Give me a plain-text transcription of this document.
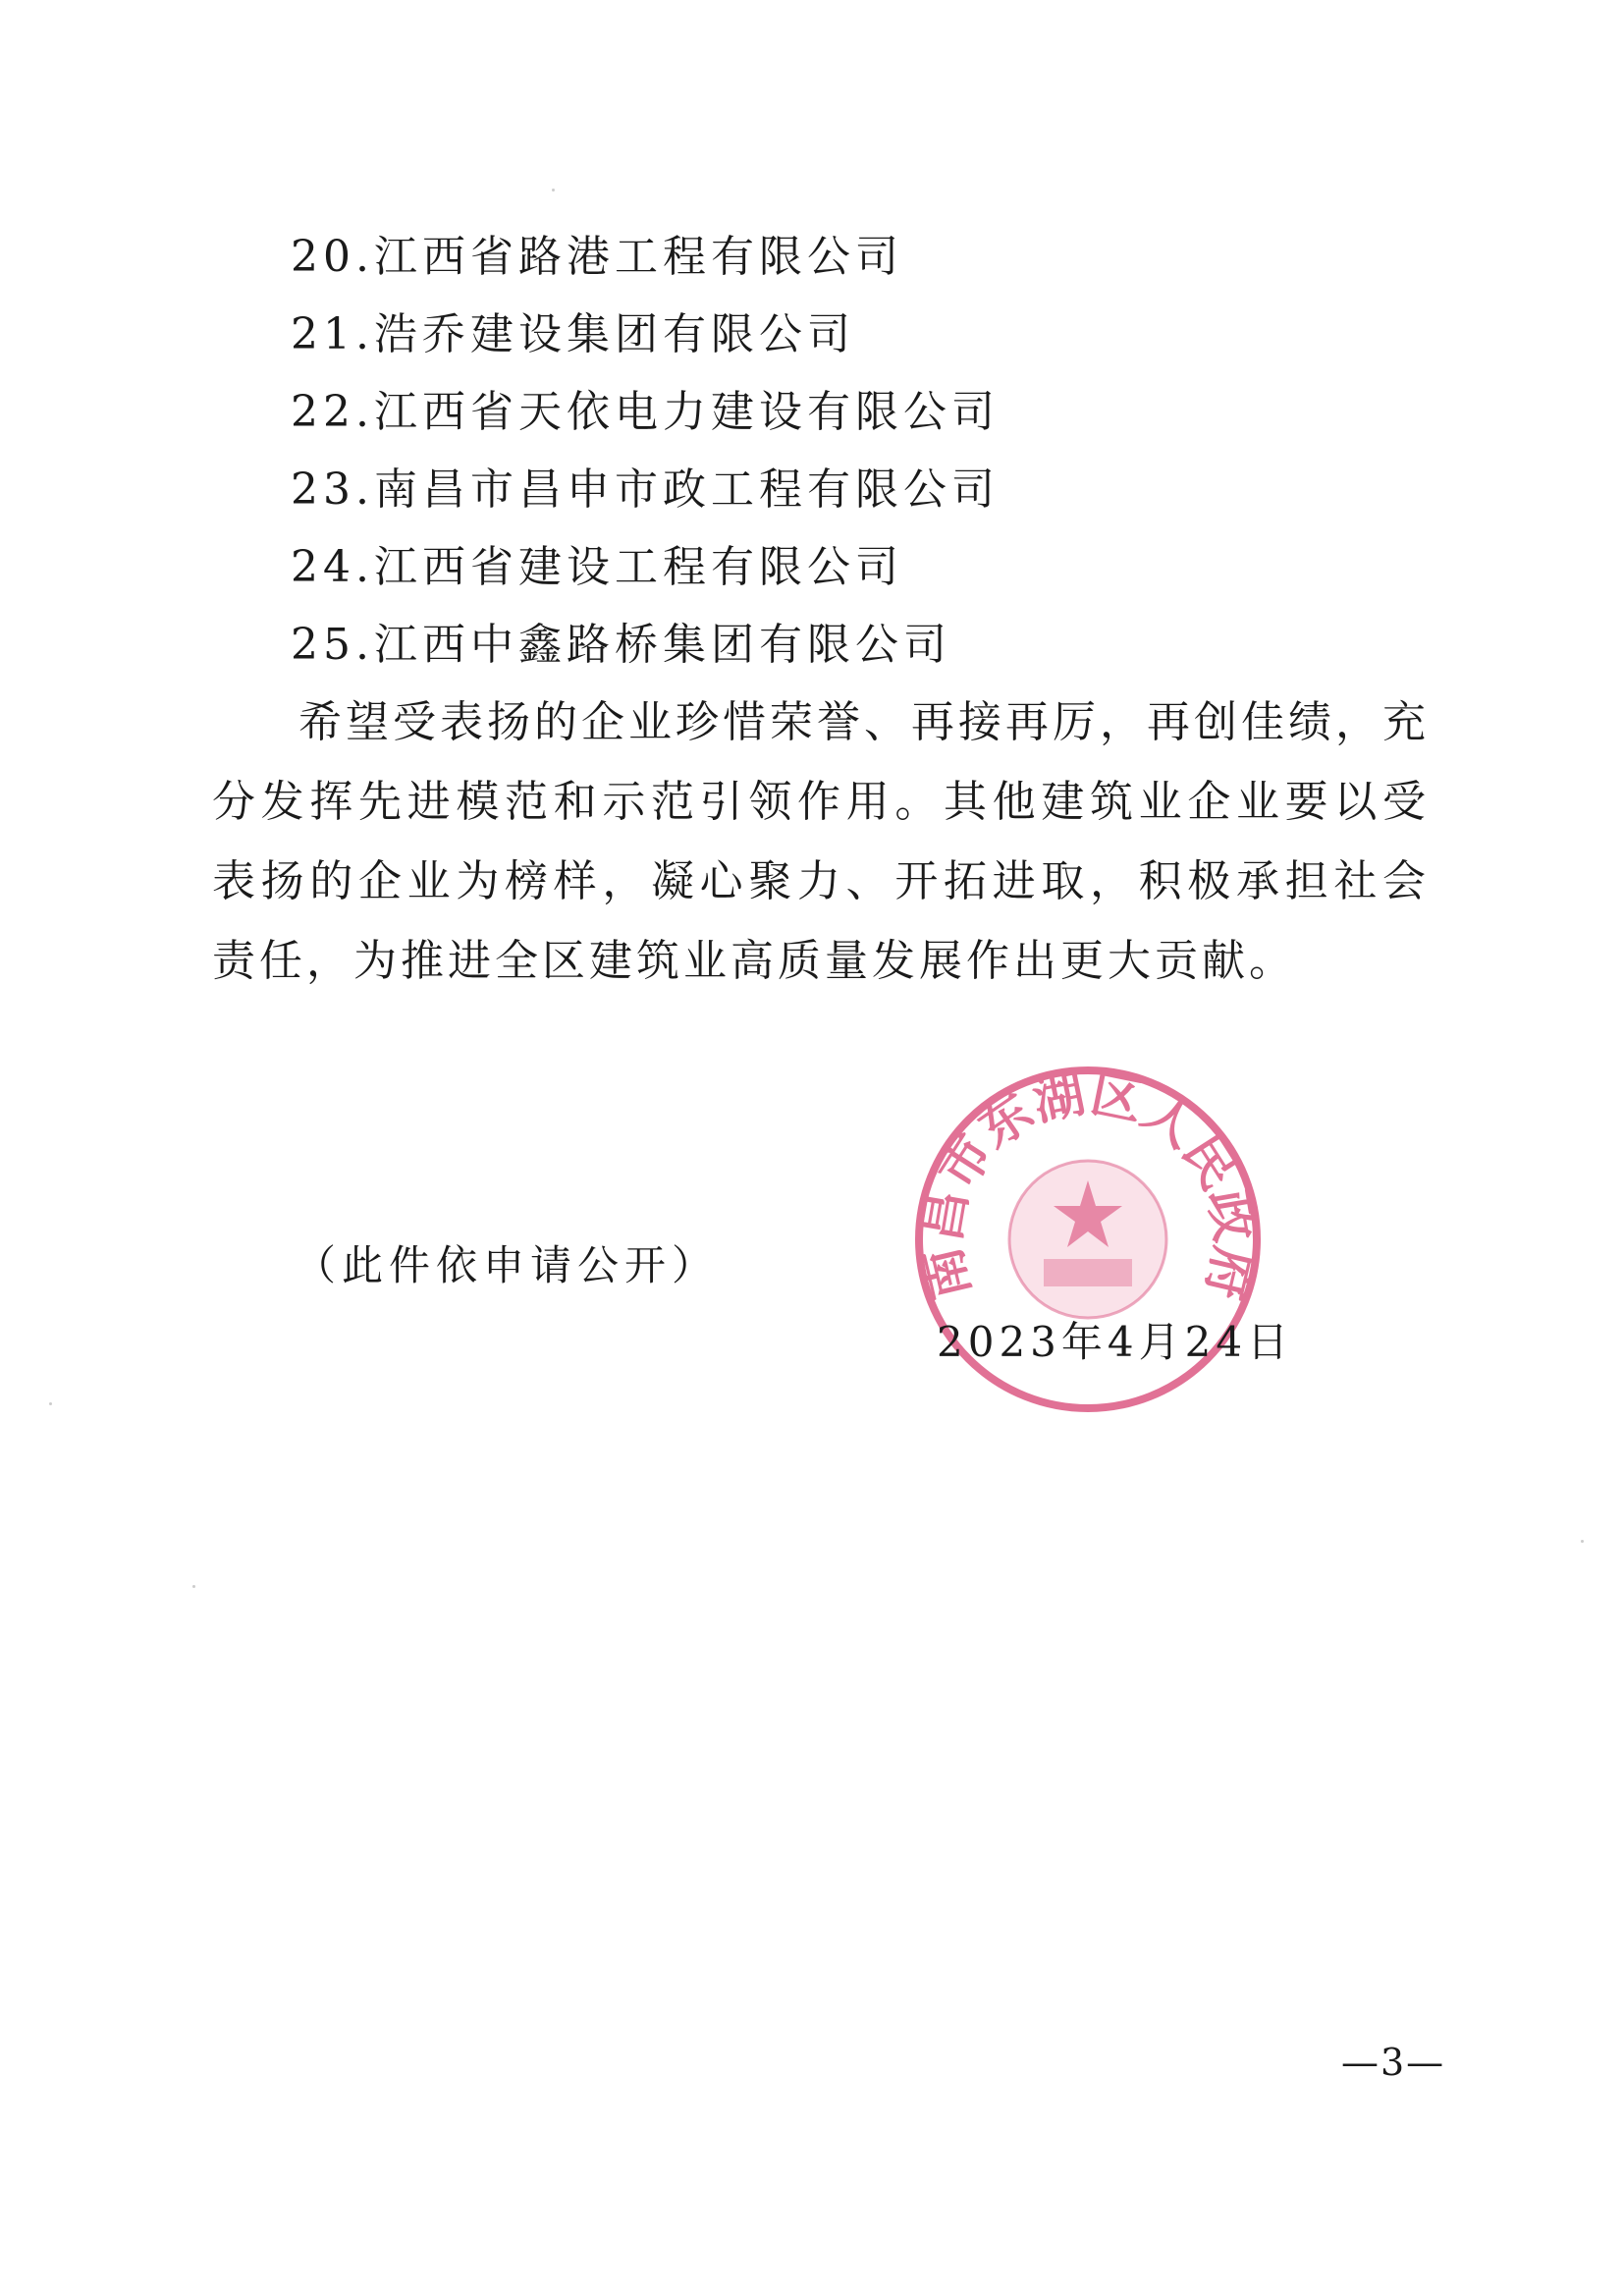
20.江西省路港工程有限公司
21.浩乔建设集团有限公司
22.江西省天依电力建设有限公司
23.南昌市昌申市政工程有限公司
24.江西省建设工程有限公司
25.江西中鑫路桥集团有限公司
希望受表扬的企业珍惜荣誉、再接再厉，再创佳绩，充分发挥先进模范和示范引领作用。其他建筑业企业要以受表扬的企业为榜样，凝心聚力、开拓进取，积极承担社会责任，为推进全区建筑业高质量发展作出更大贡献。
（此件依申请公开）	南昌市东湖区人民政府
2023年4月24日
—3—
